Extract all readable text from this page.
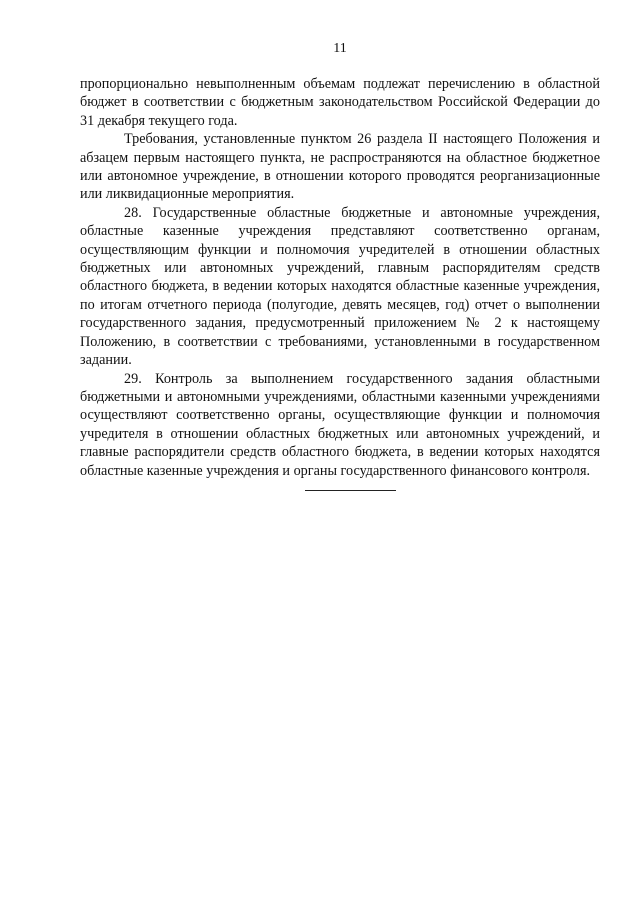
11

пропорционально невыполненным объемам подлежат перечислению в областной бюджет в соответствии с бюджетным законодательством Российской Федерации до 31 декабря текущего года.

Требования, установленные пунктом 26 раздела II настоящего Положения и абзацем первым настоящего пункта, не распространяются на областное бюджетное или автономное учреждение, в отношении которого проводятся реорганизационные или ликвидационные мероприятия.

28. Государственные областные бюджетные и автономные учреждения, областные казенные учреждения представляют соответственно органам, осуществляющим функции и полномочия учредителей в отношении областных бюджетных или автономных учреждений, главным распорядителям средств областного бюджета, в ведении которых находятся областные казенные учреждения, по итогам отчетного периода (полугодие, девять месяцев, год) отчет о выполнении государственного задания, предусмотренный приложением № 2 к настоящему Положению, в соответствии с требованиями, установленными в государственном задании.

29. Контроль за выполнением государственного задания областными бюджетными и автономными учреждениями, областными казенными учреждениями осуществляют соответственно органы, осуществляющие функции и полномочия учредителя в отношении областных бюджетных или автономных учреждений, и главные распорядители средств областного бюджета, в ведении которых находятся областные казенные учреждения и органы государственного финансового контроля.
